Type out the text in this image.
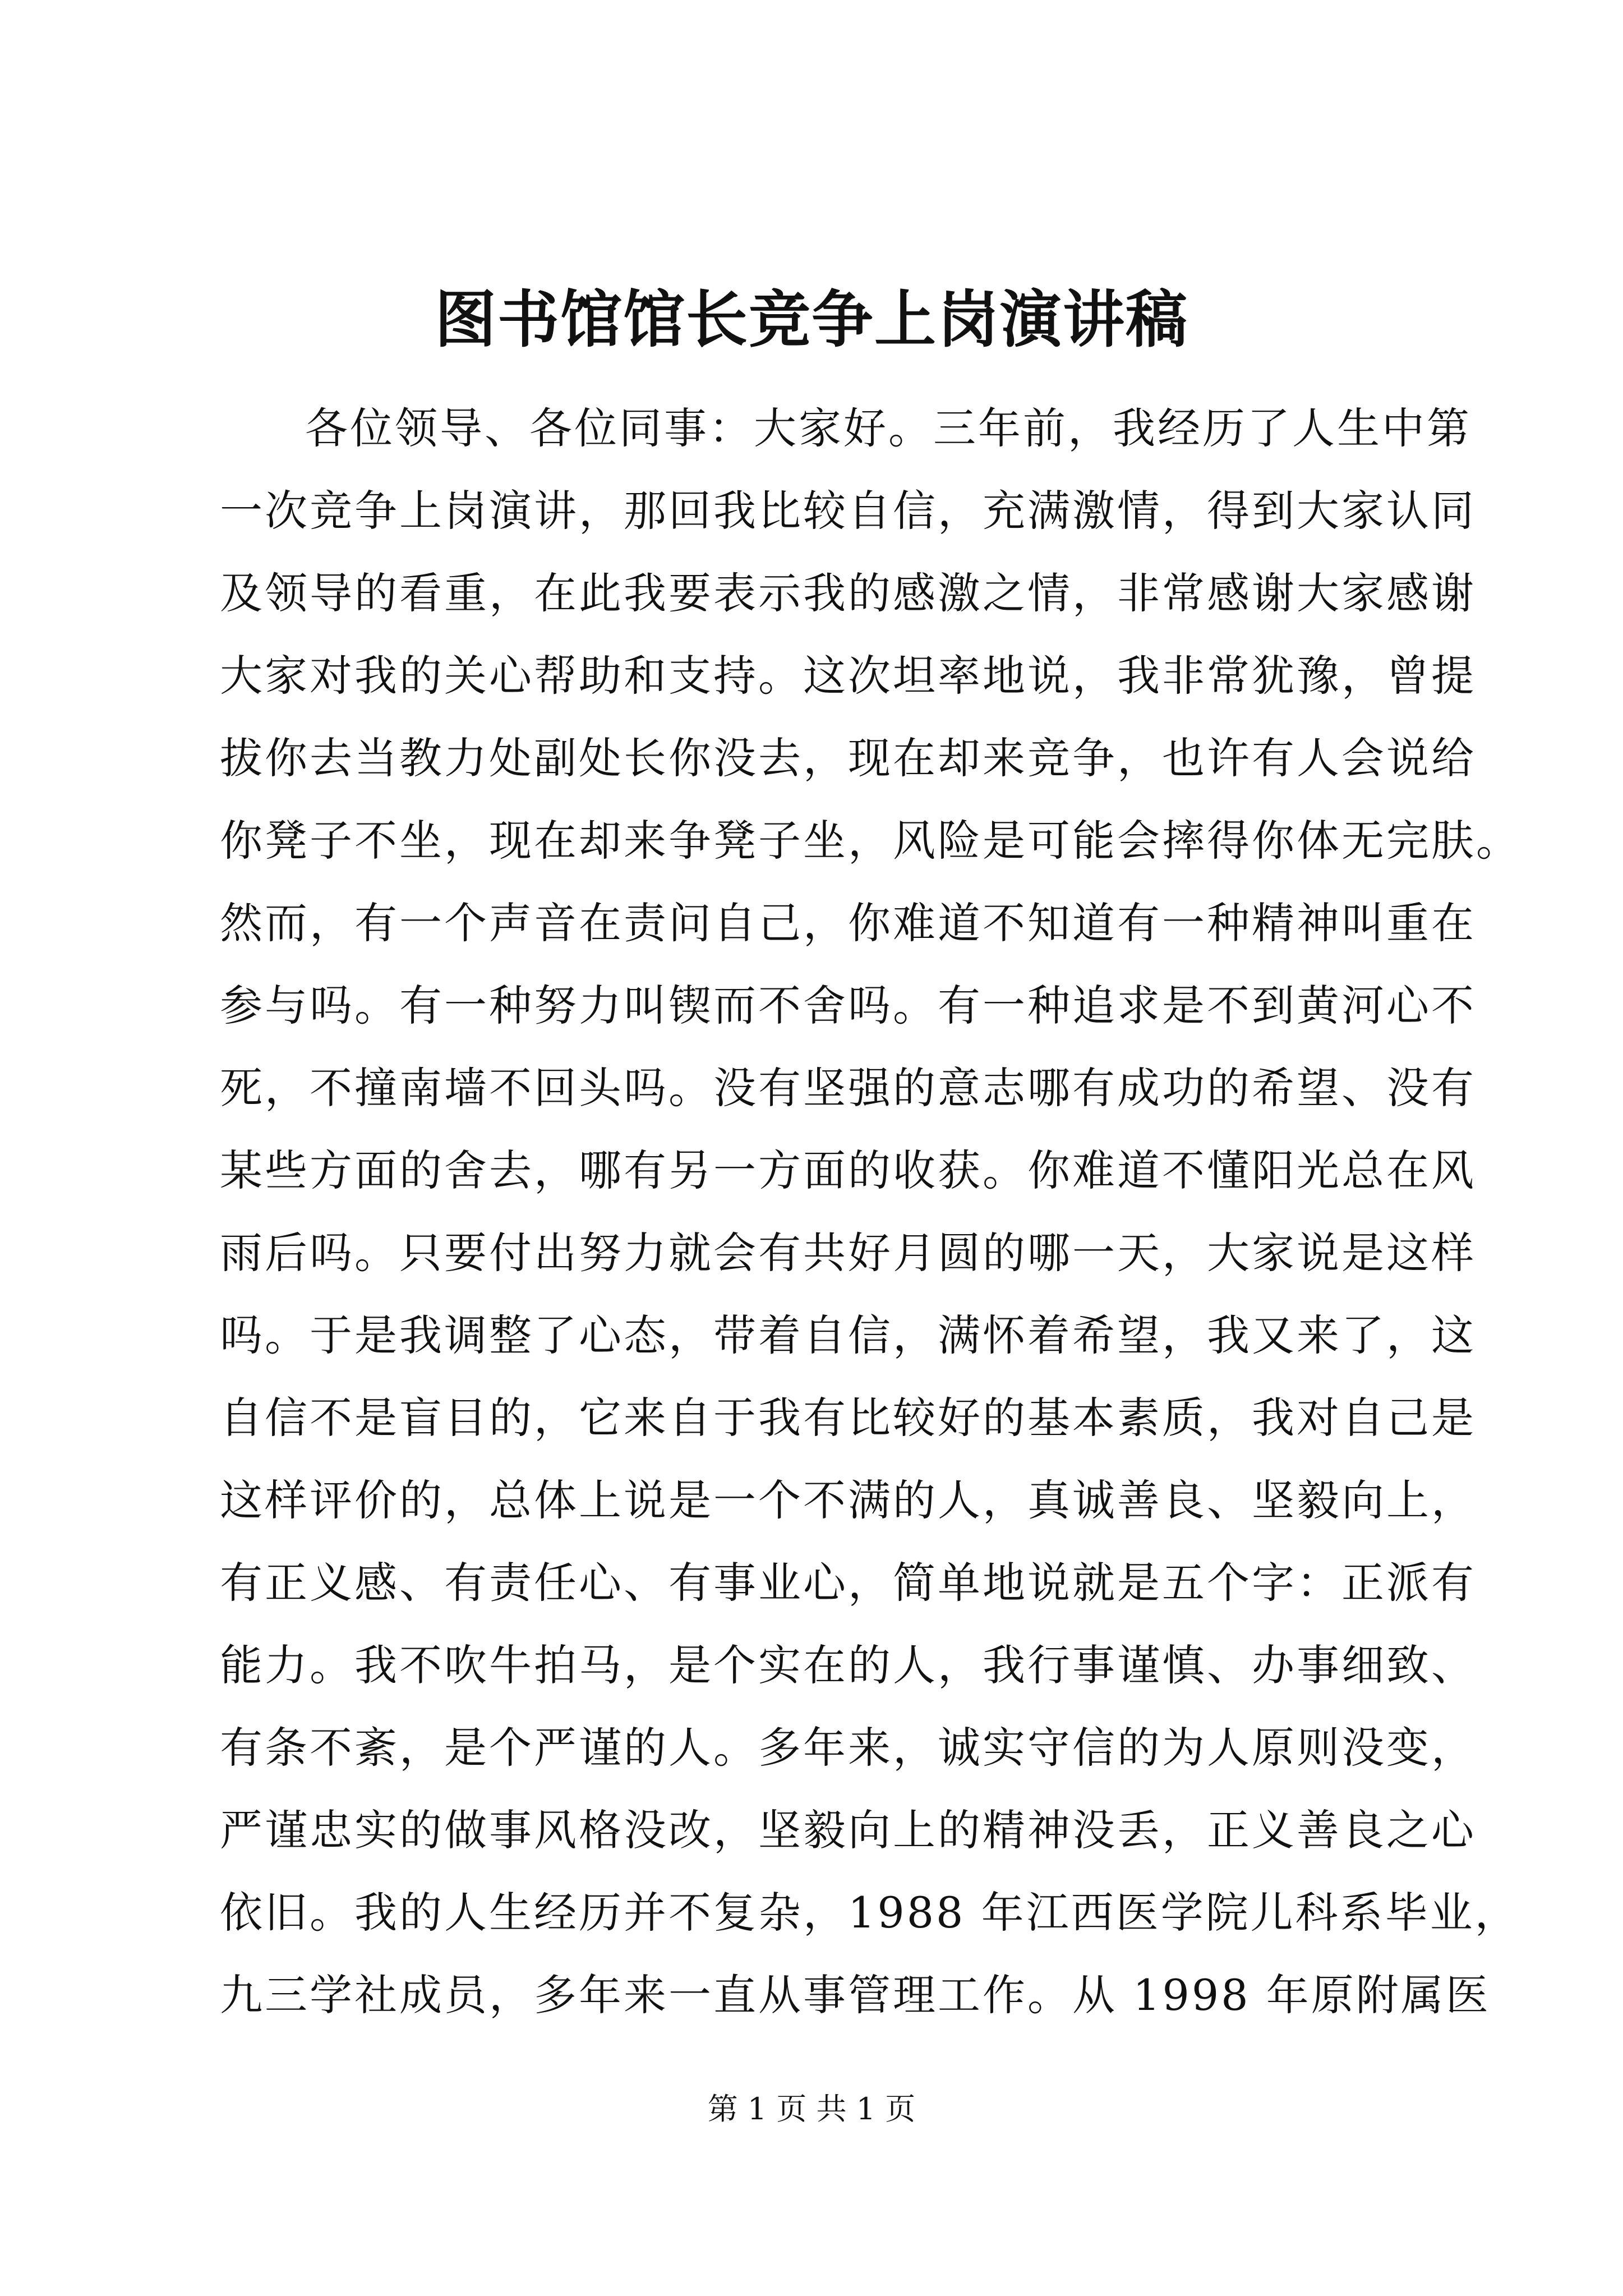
图书馆馆长竞争上岗演讲稿
各位领导、各位同事：大家好。三年前，我经历了人生中第
一次竞争上岗演讲，那回我比较自信，充满激情，得到大家认同
及领导的看重，在此我要表示我的感激之情，非常感谢大家感谢
大家对我的关心帮助和支持。这次坦率地说，我非常犹豫，曾提
拔你去当教力处副处长你没去，现在却来竞争，也许有人会说给
你凳子不坐，现在却来争凳子坐，风险是可能会摔得你体无完肤。
然而，有一个声音在责问自己，你难道不知道有一种精神叫重在
参与吗。有一种努力叫锲而不舍吗。有一种追求是不到黄河心不
死，不撞南墙不回头吗。没有坚强的意志哪有成功的希望、没有
某些方面的舍去，哪有另一方面的收获。你难道不懂阳光总在风
雨后吗。只要付出努力就会有共好月圆的哪一天，大家说是这样
吗。于是我调整了心态，带着自信，满怀着希望，我又来了，这
自信不是盲目的，它来自于我有比较好的基本素质，我对自己是
这样评价的，总体上说是一个不满的人，真诚善良、坚毅向上，
有正义感、有责任心、有事业心，简单地说就是五个字：正派有
能力。我不吹牛拍马，是个实在的人，我行事谨慎、办事细致、
有条不紊，是个严谨的人。多年来，诚实守信的为人原则没变，
严谨忠实的做事风格没改，坚毅向上的精神没丢，正义善良之心
依旧。我的人生经历并不复杂，1988 年江西医学院儿科系毕业，
九三学社成员，多年来一直从事管理工作。从 1998 年原附属医
第 1 页 共 1 页
